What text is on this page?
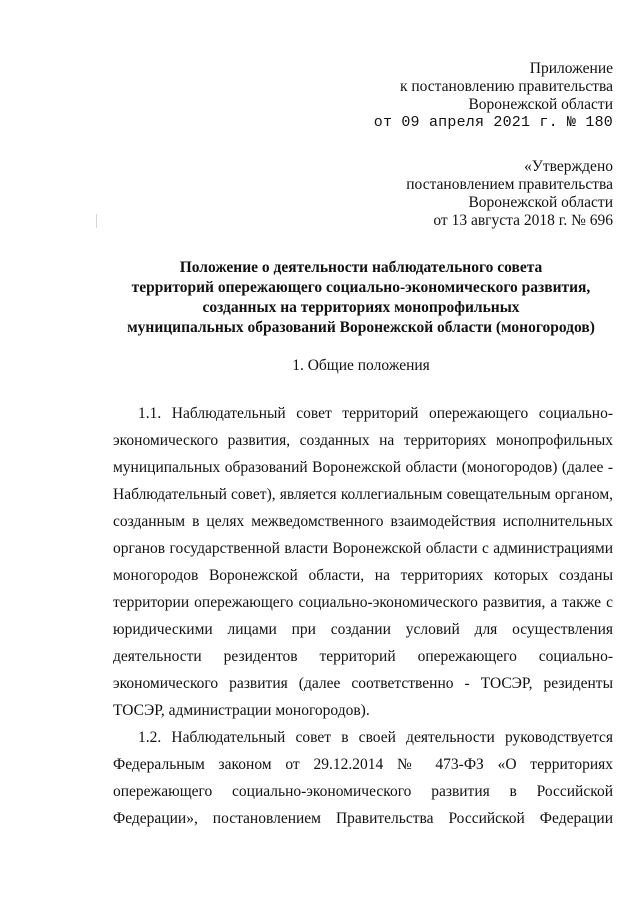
Приложение
к постановлению правительства
Воронежской области
от 09 апреля 2021 г. № 180
«Утверждено
постановлением правительства
Воронежской области
от 13 августа 2018 г. № 696
Положение о деятельности наблюдательного совета
территорий опережающего социально-экономического развития,
созданных на территориях монопрофильных
муниципальных образований Воронежской области (моногородов)
1. Общие положения
1.1. Наблюдательный совет территорий опережающего социально-
экономического развития, созданных на территориях монопрофильных
муниципальных образований Воронежской области (моногородов) (далее -
Наблюдательный совет), является коллегиальным совещательным органом,
созданным в целях межведомственного взаимодействия исполнительных
органов государственной власти Воронежской области с администрациями
моногородов Воронежской области, на территориях которых созданы
территории опережающего социально-экономического развития, а также с
юридическими лицами при создании условий для осуществления
деятельности резидентов территорий опережающего социально-
экономического развития (далее соответственно - ТОСЭР, резиденты
ТОСЭР, администрации моногородов).
1.2. Наблюдательный совет в своей деятельности руководствуется
Федеральным законом от 29.12.2014 № 473-ФЗ «О территориях
опережающего социально-экономического развития в Российской
Федерации», постановлением Правительства Российской Федерации
